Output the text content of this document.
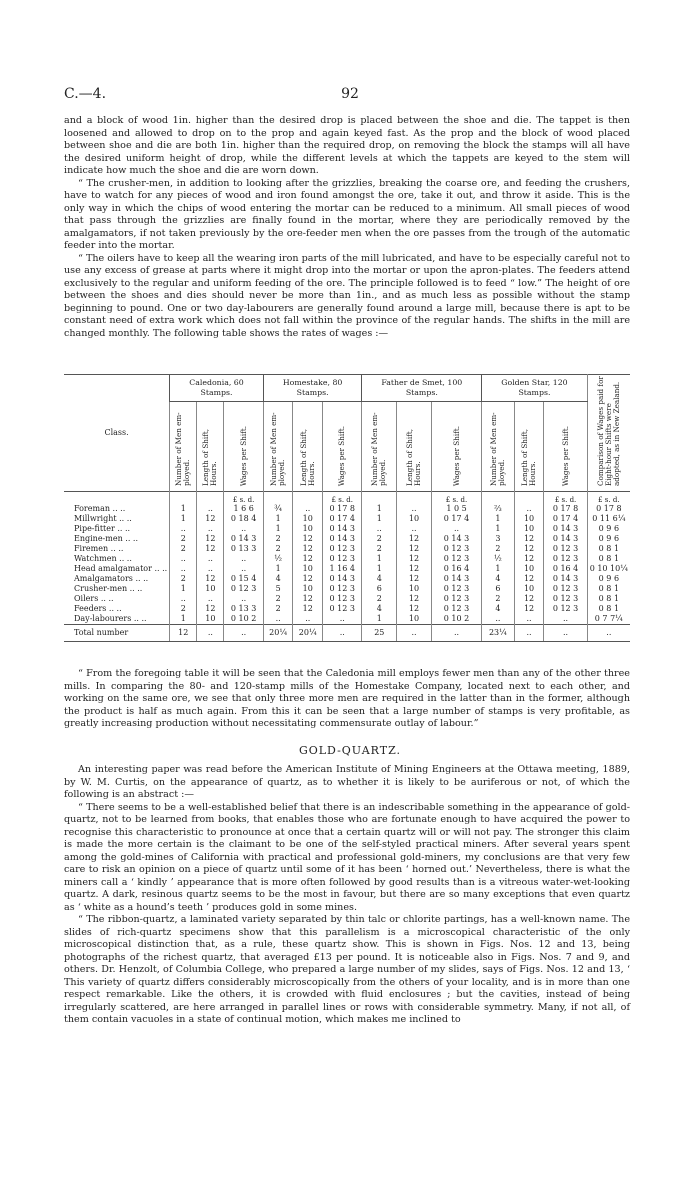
C.—4.	92

and a block of wood 1in. higher than the desired drop is placed between the shoe and die. The tappet is then loosened and allowed to drop on to the prop and again keyed fast. As the prop and the block of wood placed between shoe and die are both 1in. higher than the required drop, on removing the block the stamps will all have the desired uniform height of drop, while the different levels at which the tappets are keyed to the stem will indicate how much the shoe and die are worn down.

“ The crusher-men, in addition to looking after the grizzlies, breaking the coarse ore, and feeding the crushers, have to watch for any pieces of wood and iron found amongst the ore, take it out, and throw it aside. This is the only way in which the chips of wood entering the mortar can be reduced to a minimum. All small pieces of wood that pass through the grizzlies are finally found in the mortar, where they are periodically removed by the amalgamators, if not taken previously by the ore-feeder men when the ore passes from the trough of the automatic feeder into the mortar.

“ The oilers have to keep all the wearing iron parts of the mill lubricated, and have to be especially careful not to use any excess of grease at parts where it might drop into the mortar or upon the apron-plates. The feeders attend exclusively to the regular and uniform feeding of the ore. The principle followed is to feed “ low.” The height of ore between the shoes and dies should never be more than 1in., and as much less as possible without the stamp beginning to pound. One or two day-labourers are generally found around a large mill, because there is apt to be constant need of extra work which does not fall within the province of the regular hands. The shifts in the mill are changed monthly. The following table shows the rates of wages :—

Class.	Caledonia, 60 Stamps.			Homestake, 80 Stamps.			Father de Smet, 100 Stamps.			Golden Star, 120 Stamps.			Comparison of Wages paid for Eight-hour Shifts were adopted, as in New Zealand.
	Number of Men em-ployed.	Length of Shift, Hours.	Wages per Shift.	Number of Men em-ployed.	Length of Shift, Hours.	Wages per Shift.	Number of Men em-ployed.	Length of Shift, Hours.	Wages per Shift.	Number of Men em-ployed.	Length of Shift, Hours.	Wages per Shift.	
			£ s. d.			£ s. d.			£ s. d.			£ s. d.	£ s. d.
Foreman .. ..	1	..	1 6 6	¾	..	0 17 8	1	..	1 0 5	⅔	..	0 17 8	0 17 8
Millwright .. ..	1	12	0 18 4	1	10	0 17 4	1	10	0 17 4	1	10	0 17 4	0 11 6¼
Pipe-fitter .. ..	..	..	..	1	10	0 14 3	..	..	..	1	10	0 14 3	0 9 6
Engine-men .. ..	2	12	0 14 3	2	12	0 14 3	2	12	0 14 3	3	12	0 14 3	0 9 6
Firemen .. ..	2	12	0 13 3	2	12	0 12 3	2	12	0 12 3	2	12	0 12 3	0 8 1
Watchmen .. ..	..	..	..	½	12	0 12 3	1	12	0 12 3	½	12	0 12 3	0 8 1
Head amalgamator .. ..	..	..	..	1	10	1 16 4	1	12	0 16 4	1	10	0 16 4	0 10 10¼
Amalgamators .. ..	2	12	0 15 4	4	12	0 14 3	4	12	0 14 3	4	12	0 14 3	0 9 6
Crusher-men .. ..	1	10	0 12 3	5	10	0 12 3	6	10	0 12 3	6	10	0 12 3	0 8 1
Oilers .. ..	..	..	..	2	12	0 12 3	2	12	0 12 3	2	12	0 12 3	0 8 1
Feeders .. ..	2	12	0 13 3	2	12	0 12 3	4	12	0 12 3	4	12	0 12 3	0 8 1
Day-labourers .. ..	1	10	0 10 2	..	..	..	1	10	0 10 2	..	..	..	0 7 7¼
Total number	12	..	..	20¼	20¼	..	25	..	..	23¼	..	..	..

“ From the foregoing table it will be seen that the Caledonia mill employs fewer men than any of the other three mills. In comparing the 80- and 120-stamp mills of the Homestake Company, located next to each other, and working on the same ore, we see that only three more men are required in the latter than in the former, although the product is half as much again. From this it can be seen that a large number of stamps is very profitable, as greatly increasing production without necessitating commensurate outlay of labour.”

GOLD-QUARTZ.

An interesting paper was read before the American Institute of Mining Engineers at the Ottawa meeting, 1889, by W. M. Curtis, on the appearance of quartz, as to whether it is likely to be auriferous or not, of which the following is an abstract :—

“ There seems to be a well-established belief that there is an indescribable something in the appearance of gold-quartz, not to be learned from books, that enables those who are fortunate enough to have acquired the power to recognise this characteristic to pronounce at once that a certain quartz will or will not pay. The stronger this claim is made the more certain is the claimant to be one of the self-styled practical miners. After several years spent among the gold-mines of California with practical and professional gold-miners, my conclusions are that very few care to risk an opinion on a piece of quartz until some of it has been ‘ horned out.’ Nevertheless, there is what the miners call a ‘ kindly ’ appearance that is more often followed by good results than is a vitreous water-wet-looking quartz. A dark, resinous quartz seems to be the most in favour, but there are so many exceptions that even quartz as ‘ white as a hound’s teeth ’ produces gold in some mines.

“ The ribbon-quartz, a laminated variety separated by thin talc or chlorite partings, has a well-known name. The slides of rich-quartz specimens show that this parallelism is a microscopical characteristic of the only microscopical distinction that, as a rule, these quartz show. This is shown in Figs. Nos. 12 and 13, being photographs of the richest quartz, that averaged £13 per pound. It is noticeable also in Figs. Nos. 7 and 9, and others. Dr. Henzolt, of Columbia College, who prepared a large number of my slides, says of Figs. Nos. 12 and 13, ‘ This variety of quartz differs considerably microscopically from the others of your locality, and is in more than one respect remarkable. Like the others, it is crowded with fluid enclosures ; but the cavities, instead of being irregularly scattered, are here arranged in parallel lines or rows with considerable symmetry. Many, if not all, of them contain vacuoles in a state of continual motion, which makes me inclined to
